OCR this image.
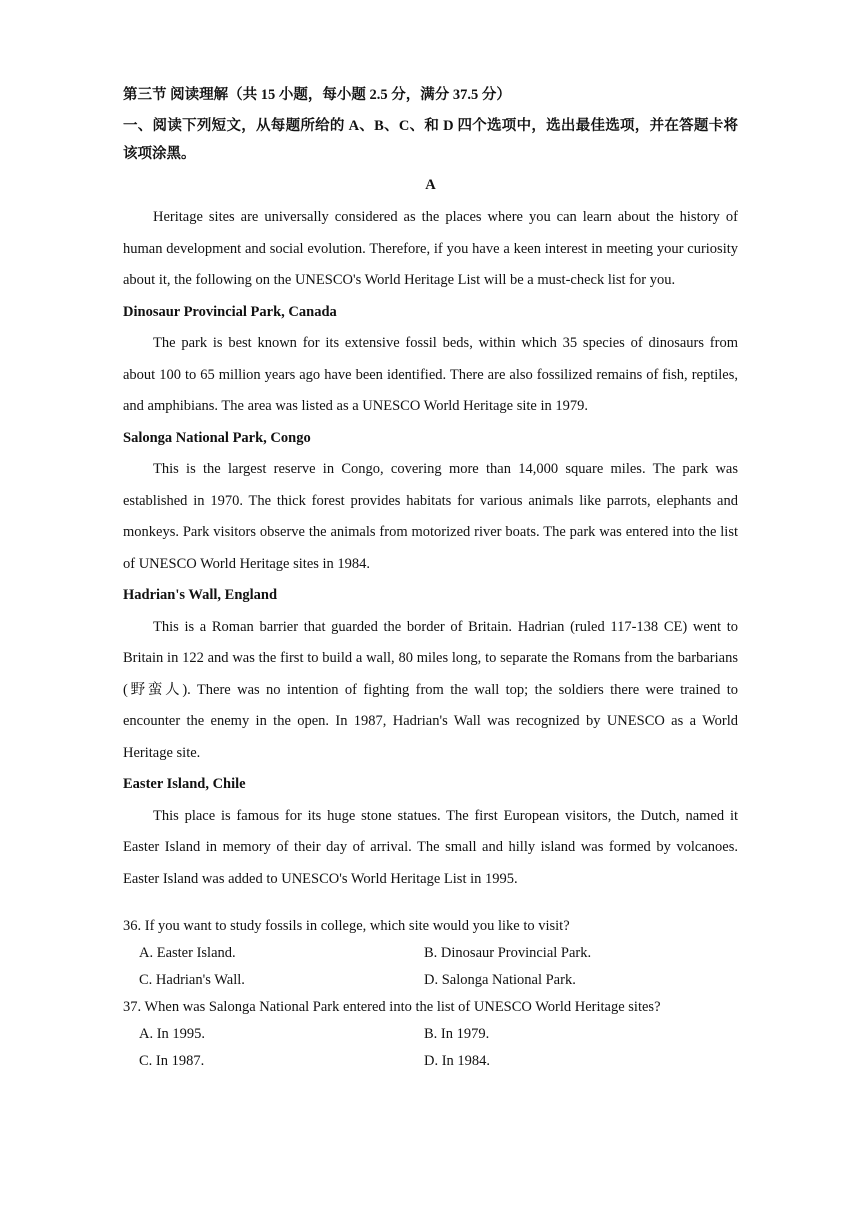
第三节 阅读理解（共 15 小题，每小题 2.5 分，满分 37.5 分）

一、阅读下列短文，从每题所给的 A、B、C、和 D 四个选项中，选出最佳选项，并在答题卡将该项涂黑。

A

Heritage sites are universally considered as the places where you can learn about the history of human development and social evolution. Therefore, if you have a keen interest in meeting your curiosity about it, the following on the UNESCO's World Heritage List will be a must-check list for you.

Dinosaur Provincial Park, Canada

The park is best known for its extensive fossil beds, within which 35 species of dinosaurs from about 100 to 65 million years ago have been identified. There are also fossilized remains of fish, reptiles, and amphibians. The area was listed as a UNESCO World Heritage site in 1979.

Salonga National Park, Congo

This is the largest reserve in Congo, covering more than 14,000 square miles. The park was established in 1970. The thick forest provides habitats for various animals like parrots, elephants and monkeys. Park visitors observe the animals from motorized river boats. The park was entered into the list of UNESCO World Heritage sites in 1984.

Hadrian's Wall, England

This is a Roman barrier that guarded the border of Britain. Hadrian (ruled 117-138 CE) went to Britain in 122 and was the first to build a wall, 80 miles long, to separate the Romans from the barbarians (野蛮人). There was no intention of fighting from the wall top; the soldiers there were trained to encounter the enemy in the open. In 1987, Hadrian's Wall was recognized by UNESCO as a World Heritage site.

Easter Island, Chile

This place is famous for its huge stone statues. The first European visitors, the Dutch, named it Easter Island in memory of their day of arrival. The small and hilly island was formed by volcanoes. Easter Island was added to UNESCO's World Heritage List in 1995.

36. If you want to study fossils in college, which site would you like to visit?

A. Easter Island.	B. Dinosaur Provincial Park.
C. Hadrian's Wall.	D. Salonga National Park.

37. When was Salonga National Park entered into the list of UNESCO World Heritage sites?

A. In 1995.	B. In 1979.
C. In 1987.	D. In 1984.
